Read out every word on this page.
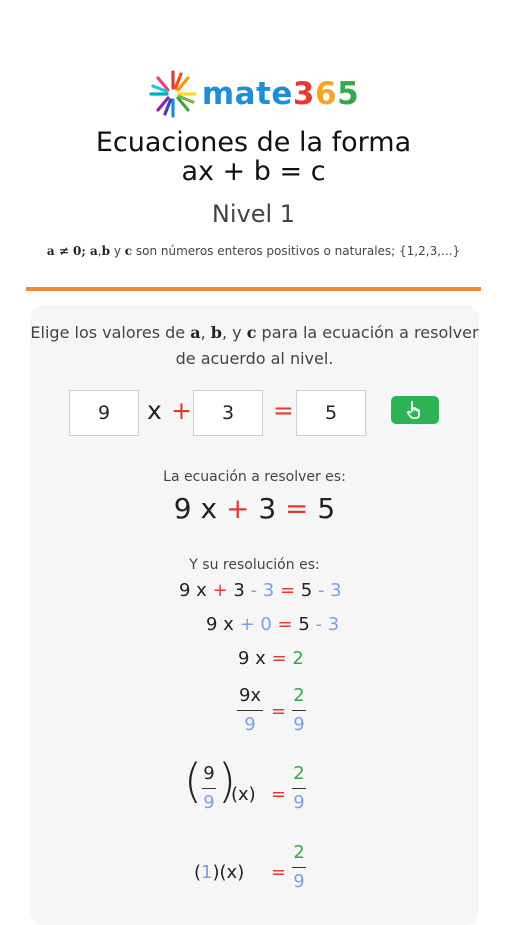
mate365
Ecuaciones de la forma
ax + b = c
Nivel 1
a ≠ 0; a,b y c son números enteros positivos o naturales; {1,2,3,...}
Elige los valores de a, b, y c para la ecuación a resolver de acuerdo al nivel.
9	x +	3	=	5
La ecuación a resolver es:
9 x + 3 = 5
Y su resolución es:
9 x + 3 - 3 = 5 - 3
9 x + 0 = 5 - 3
9 x = 2
9x
9
=
2
9
( 9
9 )
(x) =
2
9
(1)(x) =
2
9
